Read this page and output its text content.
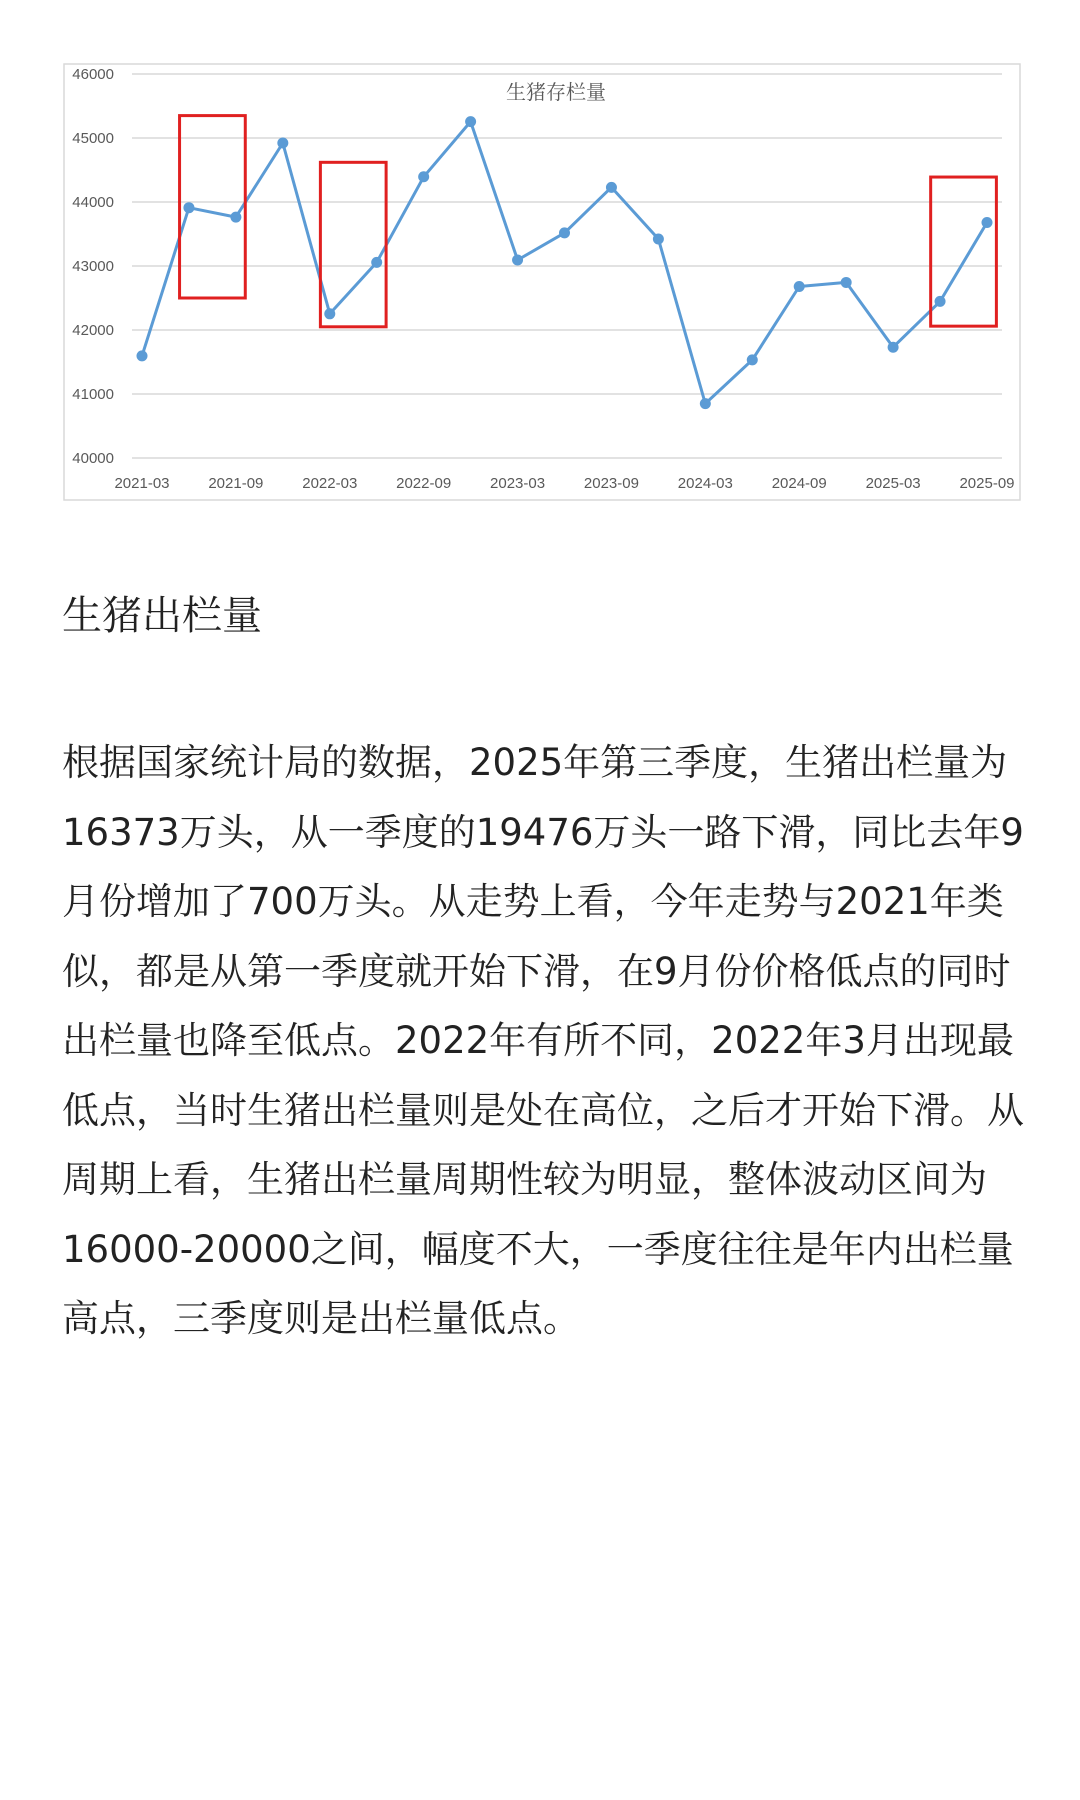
40000
41000
42000
43000
44000
45000
46000
2021-03	2021-09	2022-03	2022-09	2023-03	2023-09	2024-03	2024-09	2025-03	2025-09
生猪存栏量
生猪出栏量

根据国家统计局的数据，2025年第三季度，生猪出栏量为16373万头，从一季度的19476万头一路下滑，同比去年9月份增加了700万头。从走势上看，今年走势与2021年类似，都是从第一季度就开始下滑，在9月份价格低点的同时出栏量也降至低点。2022年有所不同，2022年3月出现最低点，当时生猪出栏量则是处在高位，之后才开始下滑。从周期上看，生猪出栏量周期性较为明显，整体波动区间为16000-20000之间，幅度不大，一季度往往是年内出栏量高点，三季度则是出栏量低点。
